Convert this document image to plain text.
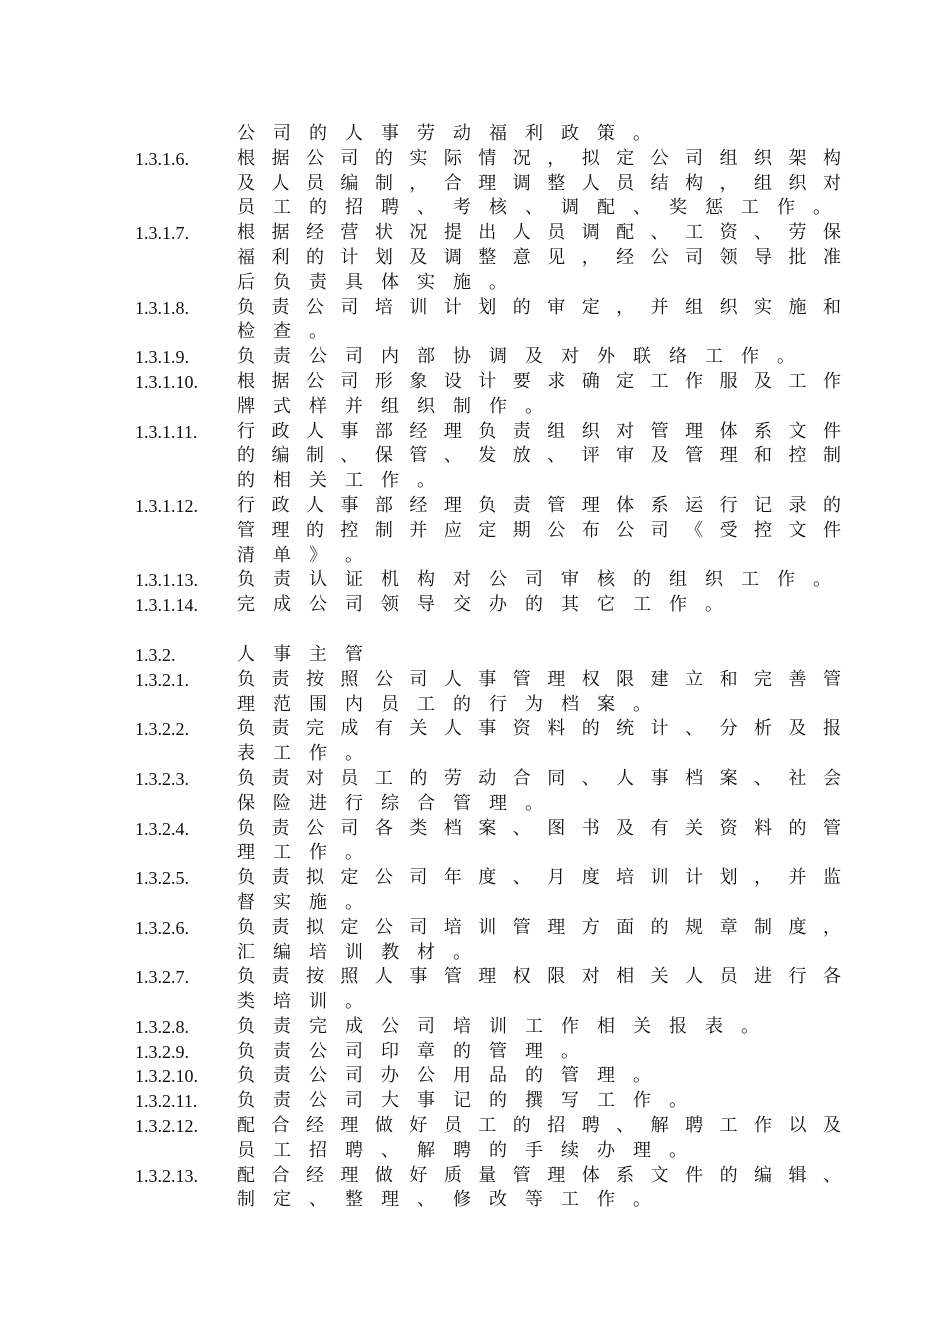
公 司 的 人 事 劳 动 福 利 政 策 。
1.3.1.6.	根 据 公 司 的 实 际 情 况 ， 拟 定 公 司 组 织 架 构
及 人 员 编 制 ， 合 理 调 整 人 员 结 构 ， 组 织 对
员 工 的 招 聘 、 考 核 、 调 配 、 奖 惩 工 作 。
1.3.1.7.	根 据 经 营 状 况 提 出 人 员 调 配 、 工 资 、 劳 保
福 利 的 计 划 及 调 整 意 见 ， 经 公 司 领 导 批 准
后 负 责 具 体 实 施 。
1.3.1.8.	负 责 公 司 培 训 计 划 的 审 定 ， 并 组 织 实 施 和
检 查 。
1.3.1.9.	负 责 公 司 内 部 协 调 及 对 外 联 络 工 作 。
1.3.1.10.	根 据 公 司 形 象 设 计 要 求 确 定 工 作 服 及 工 作
牌 式 样 并 组 织 制 作 。
1.3.1.11.	行 政 人 事 部 经 理 负 责 组 织 对 管 理 体 系 文 件
的 编 制 、 保 管 、 发 放 、 评 审 及 管 理 和 控 制
的 相 关 工 作 。
1.3.1.12.	行 政 人 事 部 经 理 负 责 管 理 体 系 运 行 记 录 的
管 理 的 控 制 并 应 定 期 公 布 公 司 《 受 控 文 件
清 单 》 。
1.3.1.13.	负 责 认 证 机 构 对 公 司 审 核 的 组 织 工 作 。
1.3.1.14.	完 成 公 司 领 导 交 办 的 其 它 工 作 。
1.3.2.	人 事 主 管
1.3.2.1.	负 责 按 照 公 司 人 事 管 理 权 限 建 立 和 完 善 管
理 范 围 内 员 工 的 行 为 档 案 。
1.3.2.2.	负 责 完 成 有 关 人 事 资 料 的 统 计 、 分 析 及 报
表 工 作 。
1.3.2.3.	负 责 对 员 工 的 劳 动 合 同 、 人 事 档 案 、 社 会
保 险 进 行 综 合 管 理 。
1.3.2.4.	负 责 公 司 各 类 档 案 、 图 书 及 有 关 资 料 的 管
理 工 作 。
1.3.2.5.	负 责 拟 定 公 司 年 度 、 月 度 培 训 计 划 ， 并 监
督 实 施 。
1.3.2.6.	负 责 拟 定 公 司 培 训 管 理 方 面 的 规 章 制 度 ，
汇 编 培 训 教 材 。
1.3.2.7.	负 责 按 照 人 事 管 理 权 限 对 相 关 人 员 进 行 各
类 培 训 。
1.3.2.8.	负 责 完 成 公 司 培 训 工 作 相 关 报 表 。
1.3.2.9.	负 责 公 司 印 章 的 管 理 。
1.3.2.10.	负 责 公 司 办 公 用 品 的 管 理 。
1.3.2.11.	负 责 公 司 大 事 记 的 撰 写 工 作 。
1.3.2.12.	配 合 经 理 做 好 员 工 的 招 聘 、 解 聘 工 作 以 及
员 工 招 聘 、 解 聘 的 手 续 办 理 。
1.3.2.13.	配 合 经 理 做 好 质 量 管 理 体 系 文 件 的 编 辑 、
制 定 、 整 理 、 修 改 等 工 作 。
